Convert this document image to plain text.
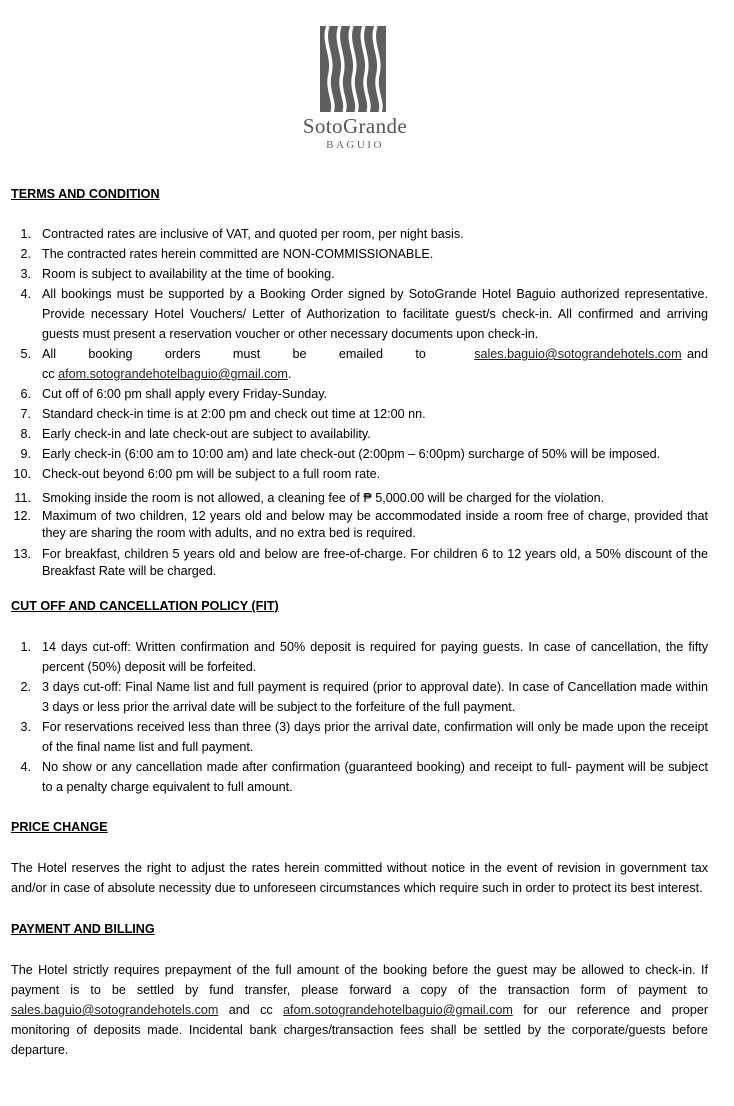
SotoGrande
BAGUIO

TERMS AND CONDITION

1. Contracted rates are inclusive of VAT, and quoted per room, per night basis.
2. The contracted rates herein committed are NON-COMMISSIONABLE.
3. Room is subject to availability at the time of booking.
4. All bookings must be supported by a Booking Order signed by SotoGrande Hotel Baguio authorized representative. Provide necessary Hotel Vouchers/ Letter of Authorization to facilitate guest/s check-in. All confirmed and arriving guests must present a reservation voucher or other necessary documents upon check-in.
5. All booking orders must be emailed to	sales.baguio@sotograndehotels.com and cc afom.sotograndehotelbaguio@gmail.com.
6. Cut off of 6:00 pm shall apply every Friday-Sunday.
7. Standard check-in time is at 2:00 pm and check out time at 12:00 nn.
8. Early check-in and late check-out are subject to availability.
9. Early check-in (6:00 am to 10:00 am) and late check-out (2:00pm – 6:00pm) surcharge of 50% will be imposed.
10. Check-out beyond 6:00 pm will be subject to a full room rate.
11. Smoking inside the room is not allowed, a cleaning fee of ₱ 5,000.00 will be charged for the violation.
12. Maximum of two children, 12 years old and below may be accommodated inside a room free of charge, provided that they are sharing the room with adults, and no extra bed is required.
13. For breakfast, children 5 years old and below are free-of-charge. For children 6 to 12 years old, a 50% discount of the Breakfast Rate will be charged.

CUT OFF AND CANCELLATION POLICY (FIT)

1. 14 days cut-off: Written confirmation and 50% deposit is required for paying guests. In case of cancellation, the fifty percent (50%) deposit will be forfeited.
2. 3 days cut-off: Final Name list and full payment is required (prior to approval date). In case of Cancellation made within 3 days or less prior the arrival date will be subject to the forfeiture of the full payment.
3. For reservations received less than three (3) days prior the arrival date, confirmation will only be made upon the receipt of the final name list and full payment.
4. No show or any cancellation made after confirmation (guaranteed booking) and receipt to full- payment will be subject to a penalty charge equivalent to full amount.

PRICE CHANGE

The Hotel reserves the right to adjust the rates herein committed without notice in the event of revision in government tax and/or in case of absolute necessity due to unforeseen circumstances which require such in order to protect its best interest.

PAYMENT AND BILLING

The Hotel strictly requires prepayment of the full amount of the booking before the guest may be allowed to check-in. If payment is to be settled by fund transfer, please forward a copy of the transaction form of payment to sales.baguio@sotograndehotels.com and cc afom.sotograndehotelbaguio@gmail.com for our reference and proper monitoring of deposits made. Incidental bank charges/transaction fees shall be settled by the corporate/guests before departure.
